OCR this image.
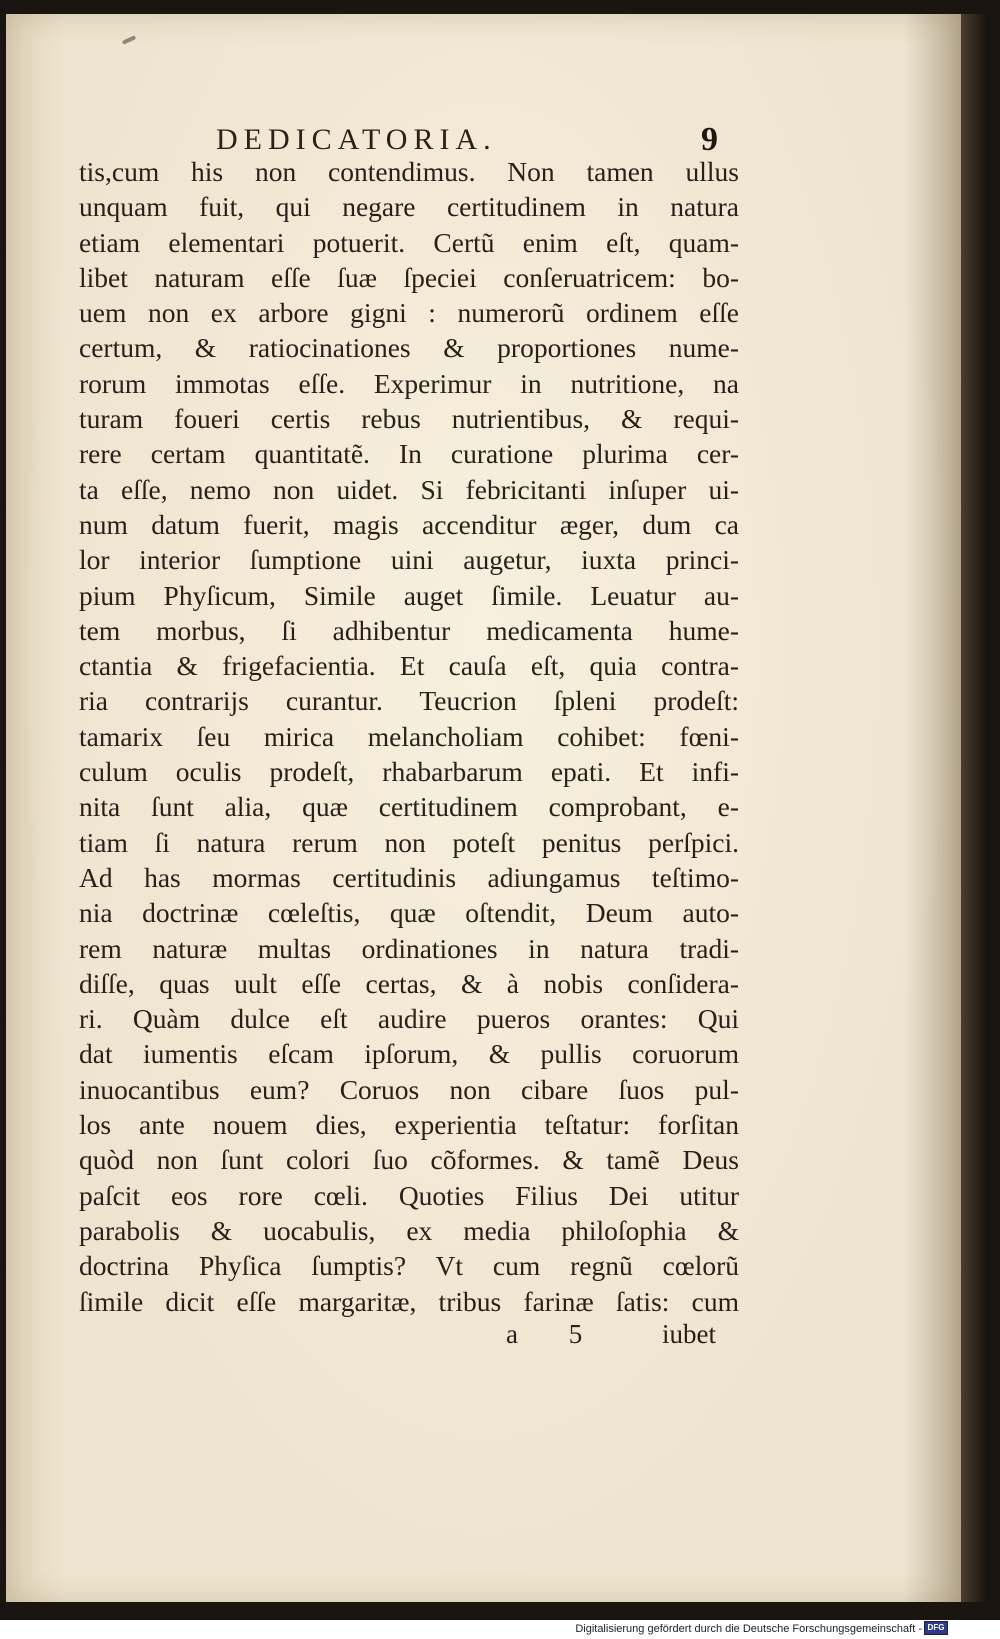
DEDICATORIA.	9
tis,cum his non contendimus. Non tamen ullus
unquam fuit, qui negare certitudinem in natura
etiam elementari potuerit. Certũ enim eſt, quam-
libet naturam eſſe ſuæ ſpeciei conſeruatricem: bo-
uem non ex arbore gigni : numerorũ ordinem eſſe
certum, & ratiocinationes & proportiones nume-
rorum immotas eſſe. Experimur in nutritione, na
turam foueri certis rebus nutrientibus, & requi-
rere certam quantitatẽ. In curatione plurima cer-
ta eſſe, nemo non uidet. Si febricitanti inſuper ui-
num datum fuerit, magis accenditur æger, dum ca
lor interior ſumptione uini augetur, iuxta princi-
pium Phyſicum, Simile auget ſimile. Leuatur au-
tem morbus, ſi adhibentur medicamenta hume-
ctantia & frigefacientia. Et cauſa eſt, quia contra-
ria contrarijs curantur. Teucrion ſpleni prodeſt:
tamarix ſeu mirica melancholiam cohibet: fœni-
culum oculis prodeſt, rhabarbarum epati. Et infi-
nita ſunt alia, quæ certitudinem comprobant, e-
tiam ſi natura rerum non poteſt penitus perſpici.
Ad has mormas certitudinis adiungamus teſtimo-
nia doctrinæ cœleſtis, quæ oſtendit, Deum auto-
rem naturæ multas ordinationes in natura tradi-
diſſe, quas uult eſſe certas, & à nobis conſidera-
ri. Quàm dulce eſt audire pueros orantes: Qui
dat iumentis eſcam ipſorum, & pullis coruorum
inuocantibus eum? Coruos non cibare ſuos pul-
los ante nouem dies, experientia teſtatur: forſitan
quòd non ſunt colori ſuo cõformes. & tamẽ Deus
paſcit eos rore cœli. Quoties Filius Dei utitur
parabolis & uocabulis, ex media philoſophia &
doctrina Phyſica ſumptis? Vt cum regnũ cœlorũ
ſimile dicit eſſe margaritæ, tribus farinæ ſatis: cum
a 5 iubet
Digitalisierung gefördert durch die Deutsche Forschungsgemeinschaft - DFG
